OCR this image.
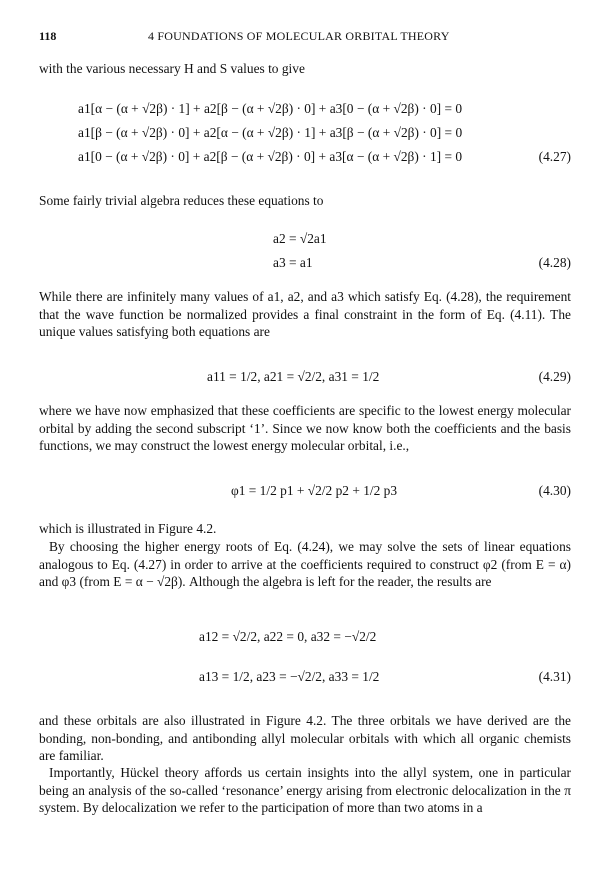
118	4 FOUNDATIONS OF MOLECULAR ORBITAL THEORY

with the various necessary H and S values to give

a1[α − (α + √2β) · 1] + a2[β − (α + √2β) · 0] + a3[0 − (α + √2β) · 0] = 0
a1[β − (α + √2β) · 0] + a2[α − (α + √2β) · 1] + a3[β − (α + √2β) · 0] = 0
a1[0 − (α + √2β) · 0] + a2[β − (α + √2β) · 0] + a3[α − (α + √2β) · 1] = 0	(4.27)

Some fairly trivial algebra reduces these equations to

a2 = √2a1
a3 = a1	(4.28)

While there are infinitely many values of a1, a2, and a3 which satisfy Eq. (4.28), the requirement that the wave function be normalized provides a final constraint in the form of Eq. (4.11). The unique values satisfying both equations are

a11 = 1/2, a21 = √2/2, a31 = 1/2	(4.29)

where we have now emphasized that these coefficients are specific to the lowest energy molecular orbital by adding the second subscript ‘1’. Since we now know both the coefficients and the basis functions, we may construct the lowest energy molecular orbital, i.e.,

φ1 = 1/2 p1 + √2/2 p2 + 1/2 p3	(4.30)

which is illustrated in Figure 4.2.

By choosing the higher energy roots of Eq. (4.24), we may solve the sets of linear equations analogous to Eq. (4.27) in order to arrive at the coefficients required to construct φ2 (from E = α) and φ3 (from E = α − √2β). Although the algebra is left for the reader, the results are

a12 = √2/2, a22 = 0, a32 = −√2/2
a13 = 1/2, a23 = −√2/2, a33 = 1/2	(4.31)

and these orbitals are also illustrated in Figure 4.2. The three orbitals we have derived are the bonding, non-bonding, and antibonding allyl molecular orbitals with which all organic chemists are familiar.

Importantly, Hückel theory affords us certain insights into the allyl system, one in particular being an analysis of the so-called ‘resonance’ energy arising from electronic delocalization in the π system. By delocalization we refer to the participation of more than two atoms in a
